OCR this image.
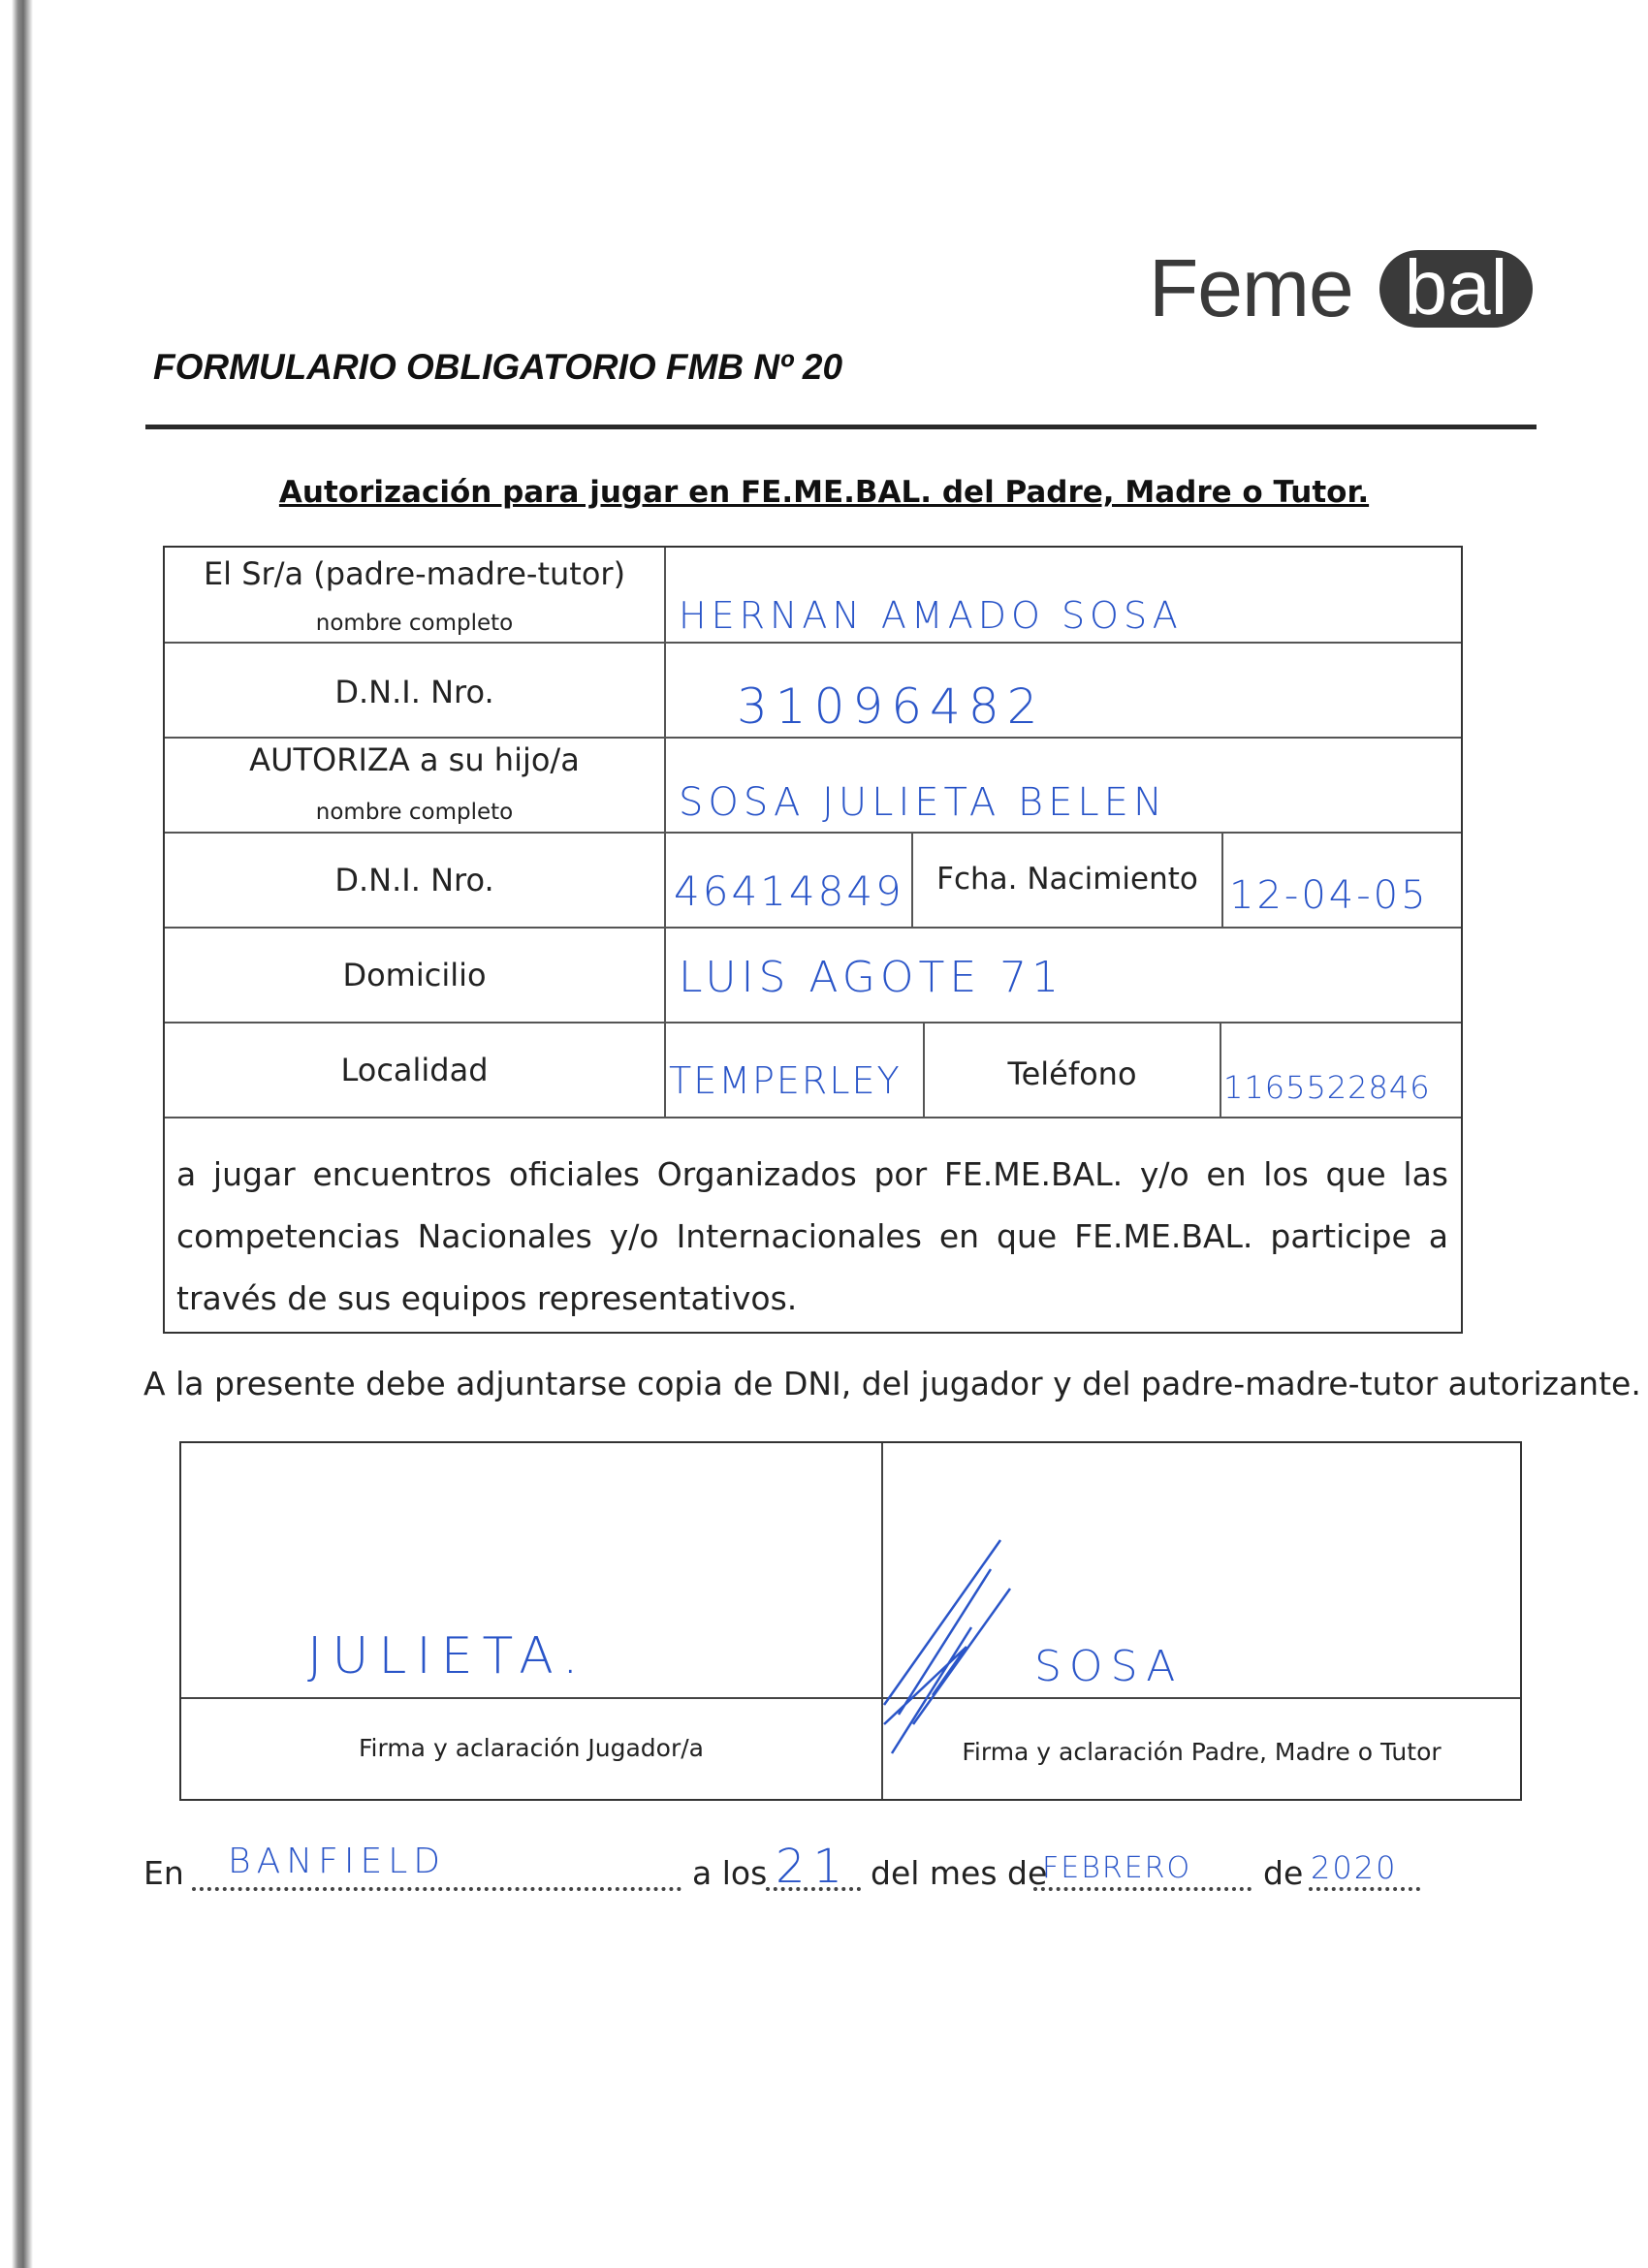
Feme bal
FORMULARIO OBLIGATORIO FMB Nº 20
Autorización para jugar en FE.ME.BAL. del Padre, Madre o Tutor.
El Sr/a (padre-madre-tutor)
nombre completo	HERNAN AMADO SOSA
D.N.I. Nro.	31096482
AUTORIZA a su hijo/a
nombre completo	SOSA JULIETA BELEN
D.N.I. Nro.	46414849	Fcha. Nacimiento 12-04-05
Domicilio	LUIS AGOTE 71
Localidad	TEMPERLEY	Teléfono	1165522846
a jugar encuentros oficiales Organizados por FE.ME.BAL. y/o en los que las competencias Nacionales y/o Internacionales en que FE.ME.BAL. participe a través de sus equipos representativos.
A la presente debe adjuntarse copia de DNI, del jugador y del padre-madre-tutor autorizante.
JULIETA.	SOSA
Firma y aclaración Jugador/a	Firma y aclaración Padre, Madre o Tutor
En BANFIELD	a los 21 del mes de
FEBRERO de 2020
